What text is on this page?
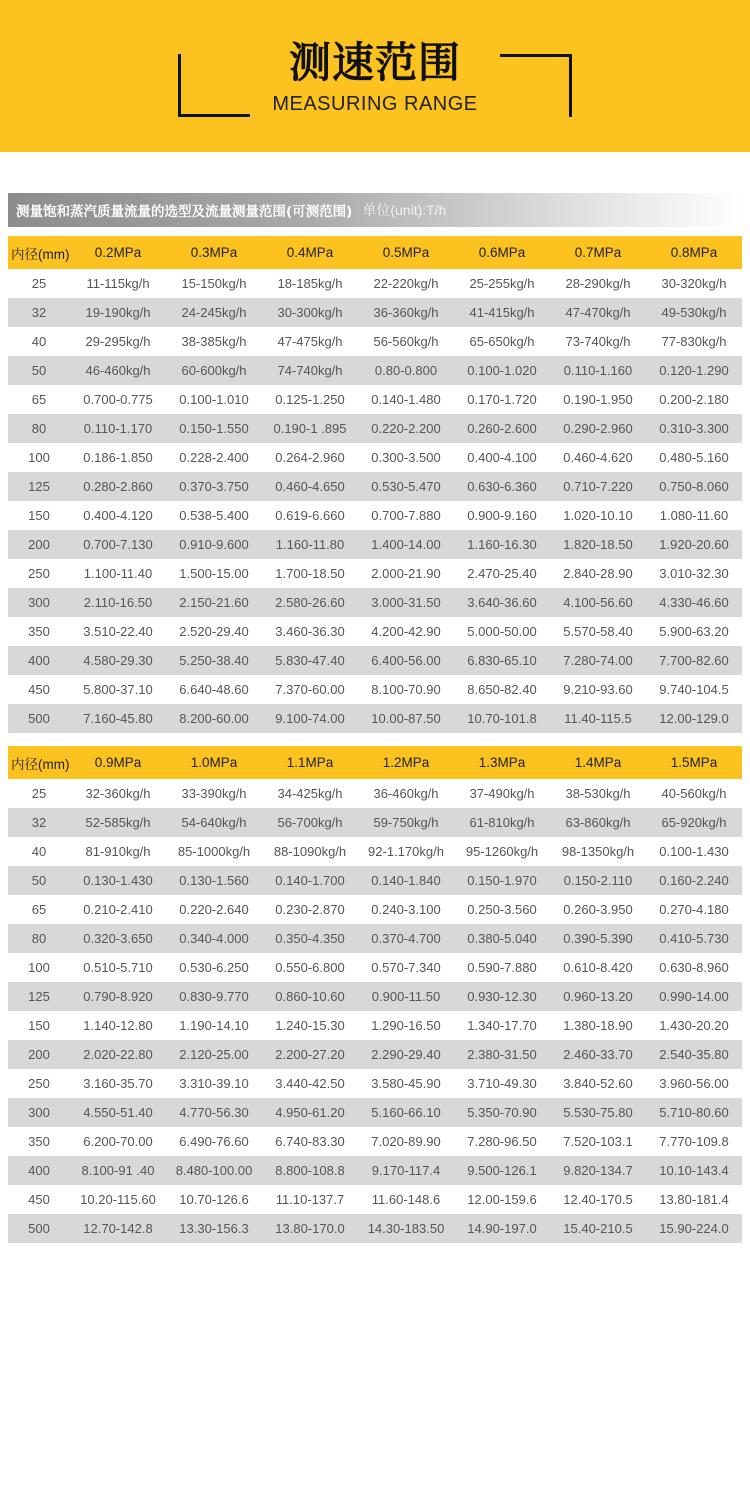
测速范围
MEASURING RANGE
测量饱和蒸汽质量流量的选型及流量测量范围(可测范围) 单位(unit):T/h
内径(mm)	0.2MPa	0.3MPa	0.4MPa	0.5MPa	0.6MPa	0.7MPa	0.8MPa
25	11-115kg/h	15-150kg/h	18-185kg/h	22-220kg/h	25-255kg/h	28-290kg/h	30-320kg/h
32	19-190kg/h	24-245kg/h	30-300kg/h	36-360kg/h	41-415kg/h	47-470kg/h	49-530kg/h
40	29-295kg/h	38-385kg/h	47-475kg/h	56-560kg/h	65-650kg/h	73-740kg/h	77-830kg/h
50	46-460kg/h	60-600kg/h	74-740kg/h	0.80-0.800	0.100-1.020	0.110-1.160	0.120-1.290
65	0.700-0.775	0.100-1.010	0.125-1.250	0.140-1.480	0.170-1.720	0.190-1.950	0.200-2.180
80	0.110-1.170	0.150-1.550	0.190-1 .895	0.220-2.200	0.260-2.600	0.290-2.960	0.310-3.300
100	0.186-1.850	0.228-2.400	0.264-2.960	0.300-3.500	0.400-4.100	0.460-4.620	0.480-5.160
125	0.280-2.860	0.370-3.750	0.460-4.650	0.530-5.470	0.630-6.360	0.710-7.220	0.750-8.060
150	0.400-4.120	0.538-5.400	0.619-6.660	0.700-7.880	0.900-9.160	1.020-10.10	1.080-11.60
200	0.700-7.130	0.910-9.600	1.160-11.80	1.400-14.00	1.160-16.30	1.820-18.50	1.920-20.60
250	1.100-11.40	1.500-15.00	1.700-18.50	2.000-21.90	2.470-25.40	2.840-28.90	3.010-32.30
300	2.110-16.50	2.150-21.60	2.580-26.60	3.000-31.50	3.640-36.60	4.100-56.60	4.330-46.60
350	3.510-22.40	2.520-29.40	3.460-36.30	4.200-42.90	5.000-50.00	5.570-58.40	5.900-63.20
400	4.580-29.30	5.250-38.40	5.830-47.40	6.400-56.00	6.830-65.10	7.280-74.00	7.700-82.60
450	5.800-37.10	6.640-48.60	7.370-60.00	8.100-70.90	8.650-82.40	9.210-93.60	9.740-104.5
500	7.160-45.80	8.200-60.00	9.100-74.00	10.00-87.50	10.70-101.8	11.40-115.5	12.00-129.0
内径(mm)	0.9MPa	1.0MPa	1.1MPa	1.2MPa	1.3MPa	1.4MPa	1.5MPa
25	32-360kg/h	33-390kg/h	34-425kg/h	36-460kg/h	37-490kg/h	38-530kg/h	40-560kg/h
32	52-585kg/h	54-640kg/h	56-700kg/h	59-750kg/h	61-810kg/h	63-860kg/h	65-920kg/h
40	81-910kg/h	85-1000kg/h	88-1090kg/h	92-1.170kg/h	95-1260kg/h	98-1350kg/h	0.100-1.430
50	0.130-1.430	0.130-1.560	0.140-1.700	0.140-1.840	0.150-1.970	0.150-2.110	0.160-2.240
65	0.210-2.410	0.220-2.640	0.230-2.870	0.240-3.100	0.250-3.560	0.260-3.950	0.270-4.180
80	0.320-3.650	0.340-4.000	0.350-4.350	0.370-4.700	0.380-5.040	0.390-5.390	0.410-5.730
100	0.510-5.710	0.530-6.250	0.550-6.800	0.570-7.340	0.590-7.880	0.610-8.420	0.630-8.960
125	0.790-8.920	0.830-9.770	0.860-10.60	0.900-11.50	0.930-12.30	0.960-13.20	0.990-14.00
150	1.140-12.80	1.190-14.10	1.240-15.30	1.290-16.50	1.340-17.70	1.380-18.90	1.430-20.20
200	2.020-22.80	2.120-25.00	2.200-27.20	2.290-29.40	2.380-31.50	2.460-33.70	2.540-35.80
250	3.160-35.70	3.310-39.10	3.440-42.50	3.580-45.90	3.710-49.30	3.840-52.60	3.960-56.00
300	4.550-51.40	4.770-56.30	4.950-61.20	5.160-66.10	5.350-70.90	5.530-75.80	5.710-80.60
350	6.200-70.00	6.490-76.60	6.740-83.30	7.020-89.90	7.280-96.50	7.520-103.1	7.770-109.8
400	8.100-91 .40	8.480-100.00	8.800-108.8	9.170-117.4	9.500-126.1	9.820-134.7	10.10-143.4
450	10.20-115.60	10.70-126.6	11.10-137.7	11.60-148.6	12.00-159.6	12.40-170.5	13.80-181.4
500	12.70-142.8	13.30-156.3	13.80-170.0	14.30-183.50	14.90-197.0	15.40-210.5	15.90-224.0
